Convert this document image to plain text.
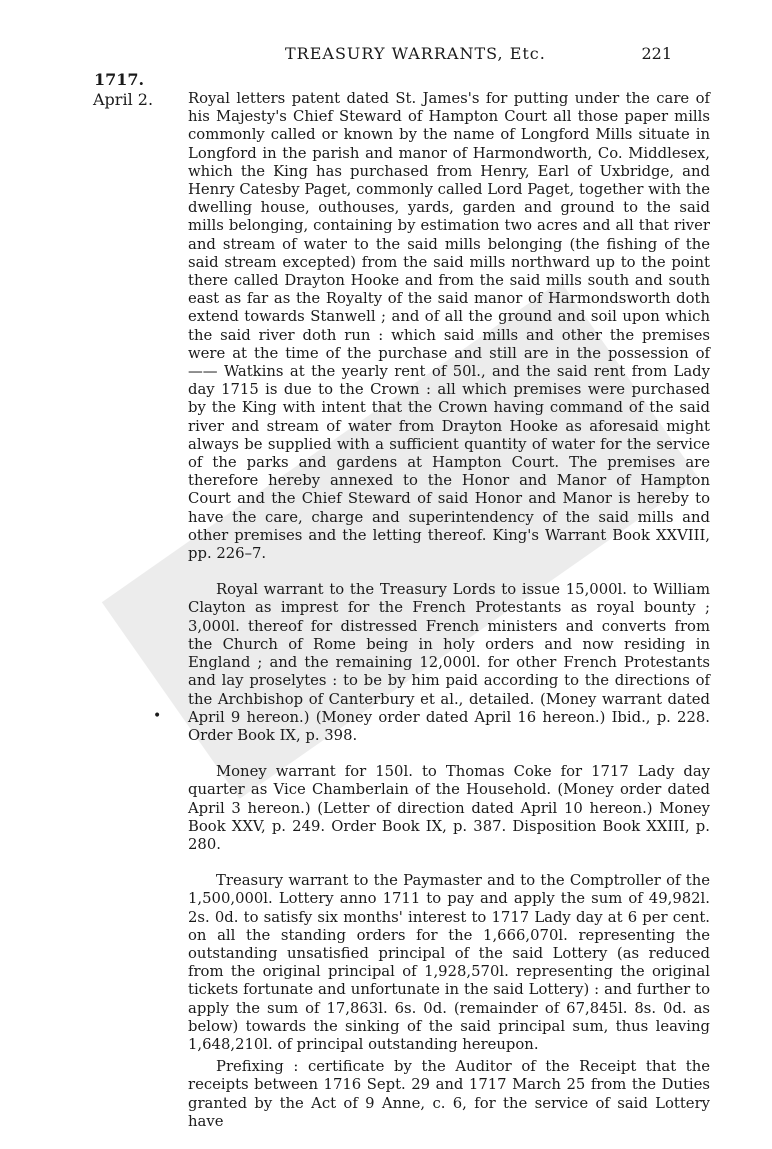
TREASURY WARRANTS, Etc.	221
1717.
April 2. Royal letters patent dated St. James's for putting under the care of his Majesty's Chief Steward of Hampton Court all those paper mills commonly called or known by the name of Longford Mills situate in Longford in the parish and manor of Harmondworth, Co. Middlesex, which the King has purchased from Henry, Earl of Uxbridge, and Henry Catesby Paget, commonly called Lord Paget, together with the dwelling house, outhouses, yards, garden and ground to the said mills belonging, containing by estimation two acres and all that river and stream of water to the said mills belonging (the fishing of the said stream excepted) from the said mills northward up to the point there called Drayton Hooke and from the said mills south and south east as far as the Royalty of the said manor of Harmondsworth doth extend towards Stanwell ; and of all the ground and soil upon which the said river doth run : which said mills and other the premises were at the time of the purchase and still are in the possession of —— Watkins at the yearly rent of 50l., and the said rent from Lady day 1715 is due to the Crown : all which premises were purchased by the King with intent that the Crown having command of the said river and stream of water from Drayton Hooke as aforesaid might always be supplied with a sufficient quantity of water for the service of the parks and gardens at Hampton Court. The premises are therefore hereby annexed to the Honor and Manor of Hampton Court and the Chief Steward of said Honor and Manor is hereby to have the care, charge and superintendency of the said mills and other premises and the letting thereof. King's Warrant Book XXVIII, pp. 226–7.

Royal warrant to the Treasury Lords to issue 15,000l. to William Clayton as imprest for the French Protestants as royal bounty ; 3,000l. thereof for distressed French ministers and converts from the Church of Rome being in holy orders and now residing in England ; and the remaining 12,000l. for other French Protestants and lay proselytes : to be by him paid according to the directions of the Archbishop of Canterbury et al., detailed. (Money warrant dated April 9 hereon.) (Money order dated April 16 hereon.) Ibid., p. 228. Order Book IX, p. 398.

Money warrant for 150l. to Thomas Coke for 1717 Lady day quarter as Vice Chamberlain of the Household. (Money order dated April 3 hereon.) (Letter of direction dated April 10 hereon.) Money Book XXV, p. 249. Order Book IX, p. 387. Disposition Book XXIII, p. 280.

Treasury warrant to the Paymaster and to the Comptroller of the 1,500,000l. Lottery anno 1711 to pay and apply the sum of 49,982l. 2s. 0d. to satisfy six months' interest to 1717 Lady day at 6 per cent. on all the standing orders for the 1,666,070l. representing the outstanding unsatisfied principal of the said Lottery (as reduced from the original principal of 1,928,570l. representing the original tickets fortunate and unfortunate in the said Lottery) : and further to apply the sum of 17,863l. 6s. 0d. (remainder of 67,845l. 8s. 0d. as below) towards the sinking of the said principal sum, thus leaving 1,648,210l. of principal outstanding hereupon.

Prefixing : certificate by the Auditor of the Receipt that the receipts between 1716 Sept. 29 and 1717 March 25 from the Duties granted by the Act of 9 Anne, c. 6, for the service of said Lottery have

•
